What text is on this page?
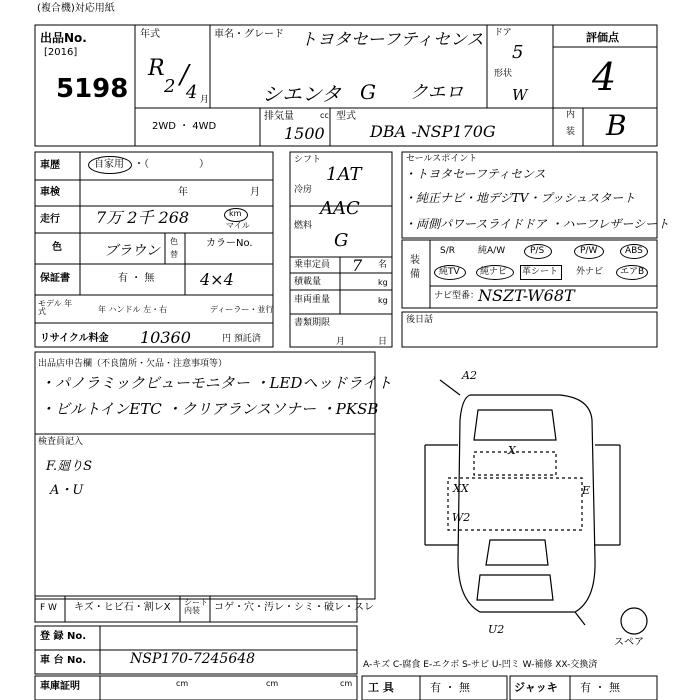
(複合機)対応用紙
出品No.
[2016]
5198
年式
R
2 /
4 月
車名・グレード トヨタセーフティセンス
シエンタ G クエロ
ドア
5
形状
W
評価点
4
内
装 B
2WD ・ 4WD
排気量
1500
cc 型式
DBA -NSP170G
車歴	自家用 ・（　　　　　）
車検	年	月
走行 7万 2千 268	km
マイル
色	ブラウン
色
替
カラーNo.
保証書	有 ・ 無	4×4
モデル 年式	年 ハンドル 左・右	ディーラー・並行
リサイクル料金 10360	円 預託済
シフト
1AT
冷房
AAC
燃料
G
乗車定員 7 名
積載量	kg
車両重量	kg
書類期限
月	日
セールスポイント
・トヨタセーフティセンス
・純正ナビ・地デジTV・プッシュスタート
・両側パワースライドドア ・ハーフレザーシート
装 備
S/R	純A/W	P/S	P/W	ABS
純TV 純ナビ 革シート 外ナビ エアB
ナビ型番：
NSZT-W68T
後日話
出品店申告欄（不良箇所・欠品・注意事項等）
・パノラミックビューモニター ・LEDヘッドライト
・ビルトインETC ・クリアランスソナー ・PKSB
検査員記入
F.廻りS
A・U
A2
X
XX	E
W2
U2
スペア
F W キズ・ヒビ石・割レX シート内装	コゲ・穴・汚レ・シミ・破レ・スレ
登 録 No.
車 台 No.	NSP170-7245648
車庫証明	cm	cm	cm
A-キズ C-腐食 E-エクボ S-サビ U-凹ミ W-補修 XX-交換済
工 具	有 ・ 無	ジャッキ 有 ・ 無
